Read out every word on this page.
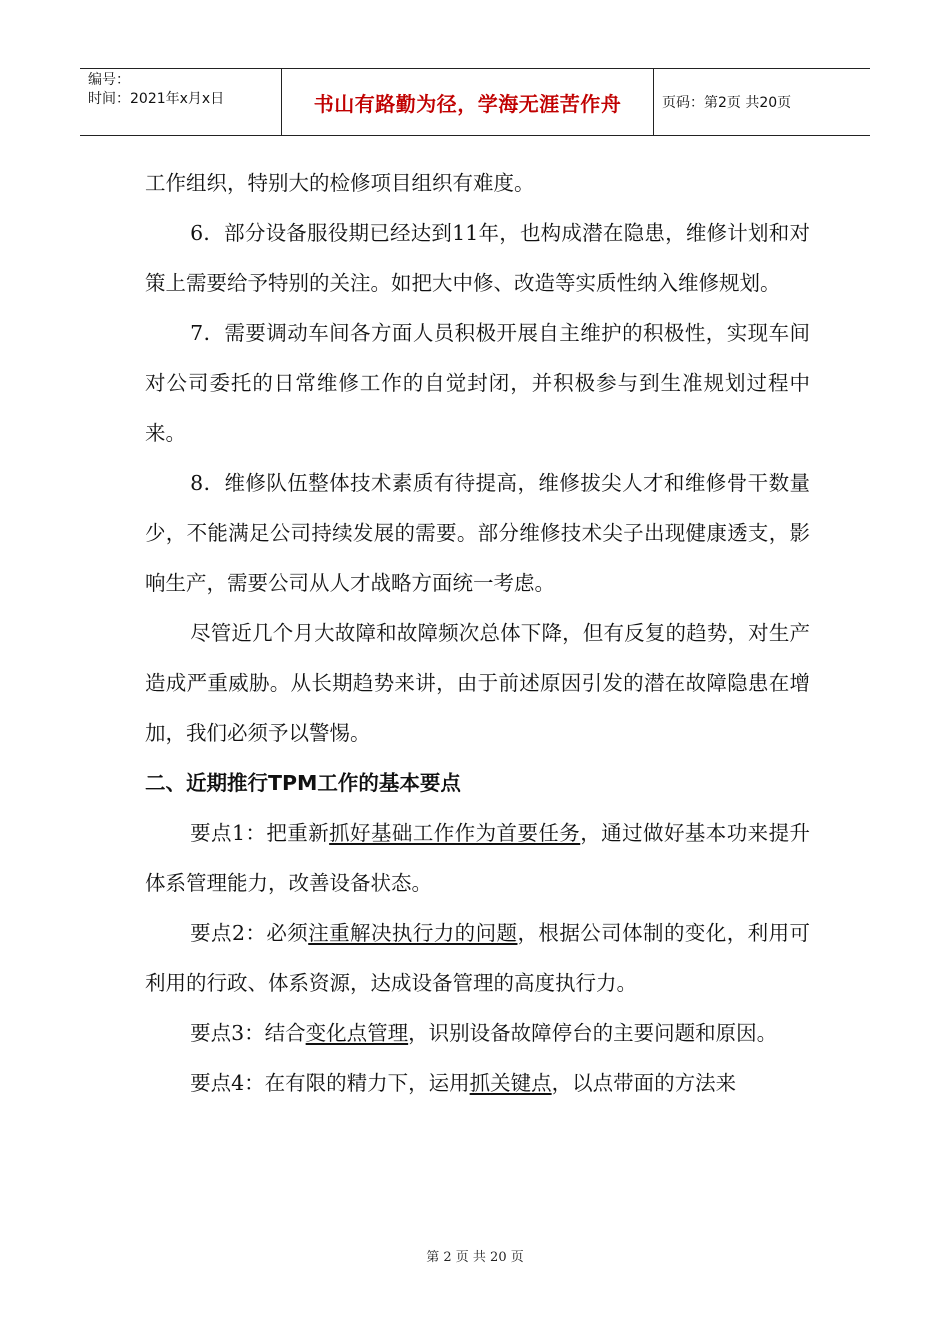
编号：
时间：2021年x月x日	书山有路勤为径，学海无涯苦作舟	页码：第2页 共20页

工作组织，特别大的检修项目组织有难度。

6．部分设备服役期已经达到11年，也构成潜在隐患，维修计划和对策上需要给予特别的关注。如把大中修、改造等实质性纳入维修规划。

7．需要调动车间各方面人员积极开展自主维护的积极性，实现车间对公司委托的日常维修工作的自觉封闭，并积极参与到生准规划过程中来。

8．维修队伍整体技术素质有待提高，维修拔尖人才和维修骨干数量少，不能满足公司持续发展的需要。部分维修技术尖子出现健康透支，影响生产，需要公司从人才战略方面统一考虑。

尽管近几个月大故障和故障频次总体下降，但有反复的趋势，对生产造成严重威胁。从长期趋势来讲，由于前述原因引发的潜在故障隐患在增加，我们必须予以警惕。

二、近期推行TPM工作的基本要点

要点1：把重新抓好基础工作作为首要任务，通过做好基本功来提升体系管理能力，改善设备状态。

要点2：必须注重解决执行力的问题，根据公司体制的变化，利用可利用的行政、体系资源，达成设备管理的高度执行力。

要点3：结合变化点管理，识别设备故障停台的主要问题和原因。

要点4：在有限的精力下，运用抓关键点，以点带面的方法来

第 2 页 共 20 页
